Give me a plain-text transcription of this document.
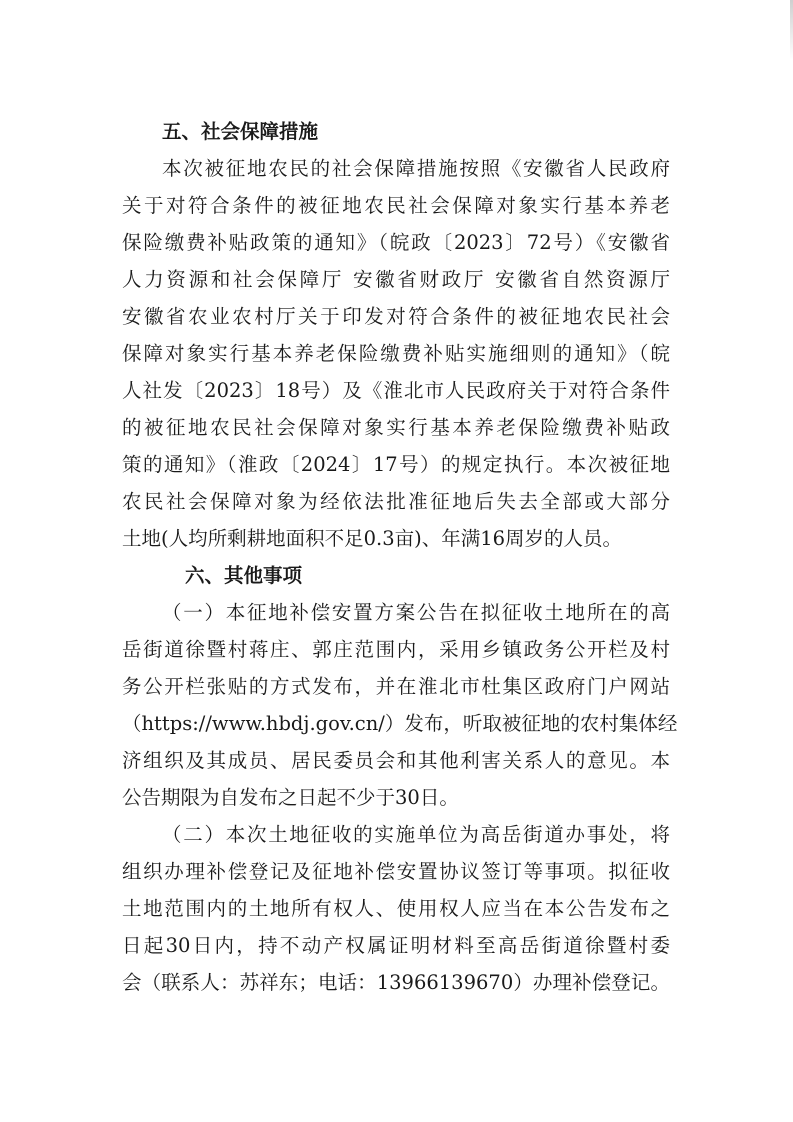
五、社会保障措施
本次被征地农民的社会保障措施按照《安徽省人民政府
关于对符合条件的被征地农民社会保障对象实行基本养老
保险缴费补贴政策的通知》（皖政〔2023〕72号）《安徽省
人力资源和社会保障厅 安徽省财政厅 安徽省自然资源厅
安徽省农业农村厅关于印发对符合条件的被征地农民社会
保障对象实行基本养老保险缴费补贴实施细则的通知》（皖
人社发〔2023〕18号）及《淮北市人民政府关于对符合条件
的被征地农民社会保障对象实行基本养老保险缴费补贴政
策的通知》（淮政〔2024〕17号）的规定执行。本次被征地
农民社会保障对象为经依法批准征地后失去全部或大部分
土地(人均所剩耕地面积不足0.3亩)、年满16周岁的人员。
六、其他事项
（一）本征地补偿安置方案公告在拟征收土地所在的高
岳街道徐暨村蒋庄、郭庄范围内，采用乡镇政务公开栏及村
务公开栏张贴的方式发布，并在淮北市杜集区政府门户网站
（https://www.hbdj.gov.cn/）发布，听取被征地的农村集体经
济组织及其成员、居民委员会和其他利害关系人的意见。本
公告期限为自发布之日起不少于30日。
（二）本次土地征收的实施单位为高岳街道办事处，将
组织办理补偿登记及征地补偿安置协议签订等事项。拟征收
土地范围内的土地所有权人、使用权人应当在本公告发布之
日起30日内，持不动产权属证明材料至高岳街道徐暨村委
会（联系人：苏祥东；电话：13966139670）办理补偿登记。
